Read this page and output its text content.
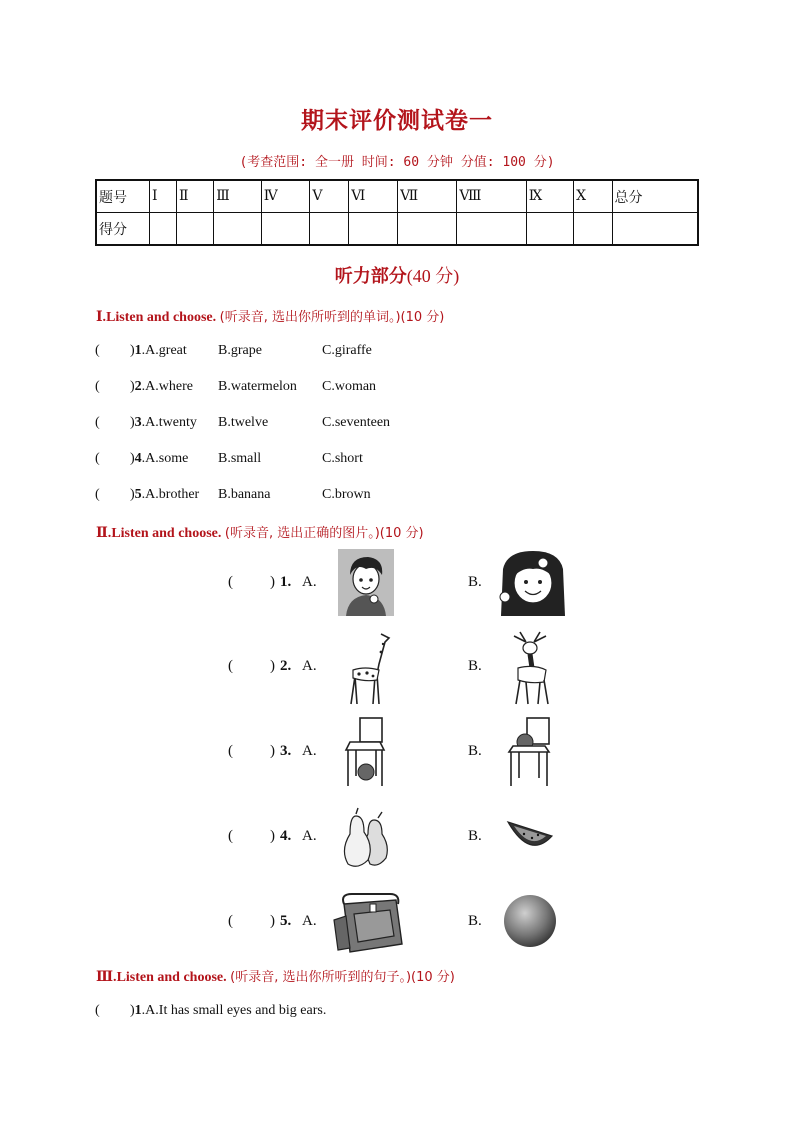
期末评价测试卷一
(考查范围: 全一册 时间: 60 分钟 分值: 100 分)
题号	Ⅰ	Ⅱ	Ⅲ	Ⅳ	Ⅴ	Ⅵ	Ⅶ	Ⅷ	Ⅸ	Ⅹ	总分
得分											
听力部分(40 分)
Ⅰ.Listen and choose. (听录音, 选出你所听到的单词。)(10 分)
( )1.A.great B.grape	C.giraffe
( )2.A.where B.watermelon C.woman
( )3.A.twenty B.twelve	C.seventeen
( )4.A.some B.small	C.short
( )5.A.brother B.banana	C.brown
Ⅱ.Listen and choose. (听录音, 选出正确的图片。)(10 分)
( ) 1. A.	B.
( ) 2. A.	B.
( ) 3. A.	B.
( ) 4. A.	B.
( ) 5. A.	B.
Ⅲ.Listen and choose. (听录音, 选出你所听到的句子。)(10 分)
( )1.A.It has small eyes and big ears.
